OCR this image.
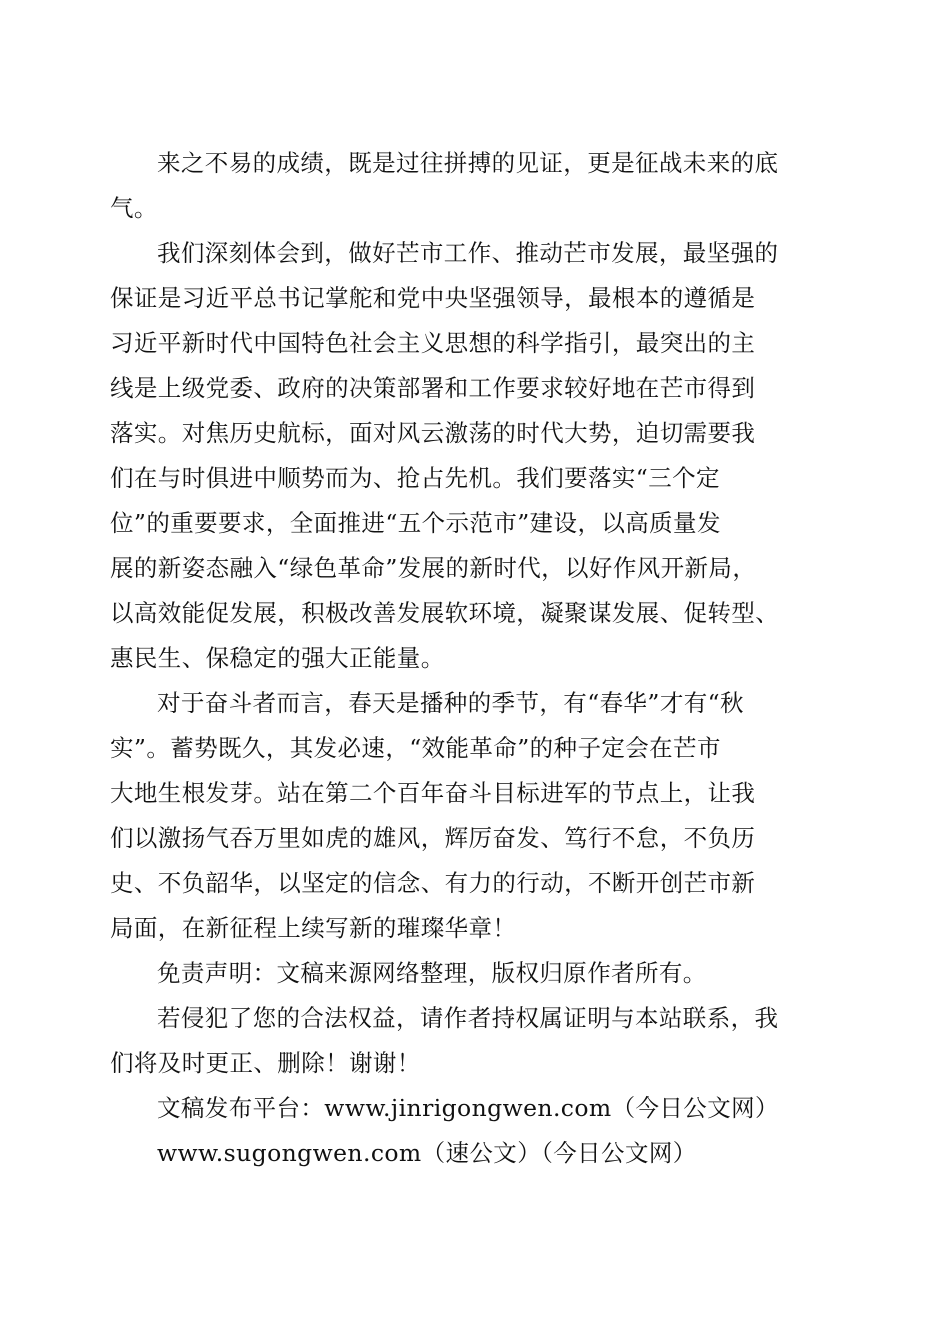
来之不易的成绩，既是过往拼搏的见证，更是征战未来的底
气。
我们深刻体会到，做好芒市工作、推动芒市发展，最坚强的
保证是习近平总书记掌舵和党中央坚强领导，最根本的遵循是
习近平新时代中国特色社会主义思想的科学指引，最突出的主
线是上级党委、政府的决策部署和工作要求较好地在芒市得到
落实。对焦历史航标，面对风云激荡的时代大势，迫切需要我
们在与时俱进中顺势而为、抢占先机。我们要落实“三个定
位”的重要要求，全面推进“五个示范市”建设，以高质量发
展的新姿态融入“绿色革命”发展的新时代，以好作风开新局，
以高效能促发展，积极改善发展软环境，凝聚谋发展、促转型、
惠民生、保稳定的强大正能量。
对于奋斗者而言，春天是播种的季节，有“春华”才有“秋
实”。蓄势既久，其发必速，“效能革命”的种子定会在芒市
大地生根发芽。站在第二个百年奋斗目标进军的节点上，让我
们以激扬气吞万里如虎的雄风，辉厉奋发、笃行不怠，不负历
史、不负韶华，以坚定的信念、有力的行动，不断开创芒市新
局面，在新征程上续写新的璀璨华章！
免责声明：文稿来源网络整理，版权归原作者所有。
若侵犯了您的合法权益，请作者持权属证明与本站联系，我
们将及时更正、删除！谢谢！
文稿发布平台：www.jinrigongwen.com（今日公文网）
www.sugongwen.com（速公文）（今日公文网）
